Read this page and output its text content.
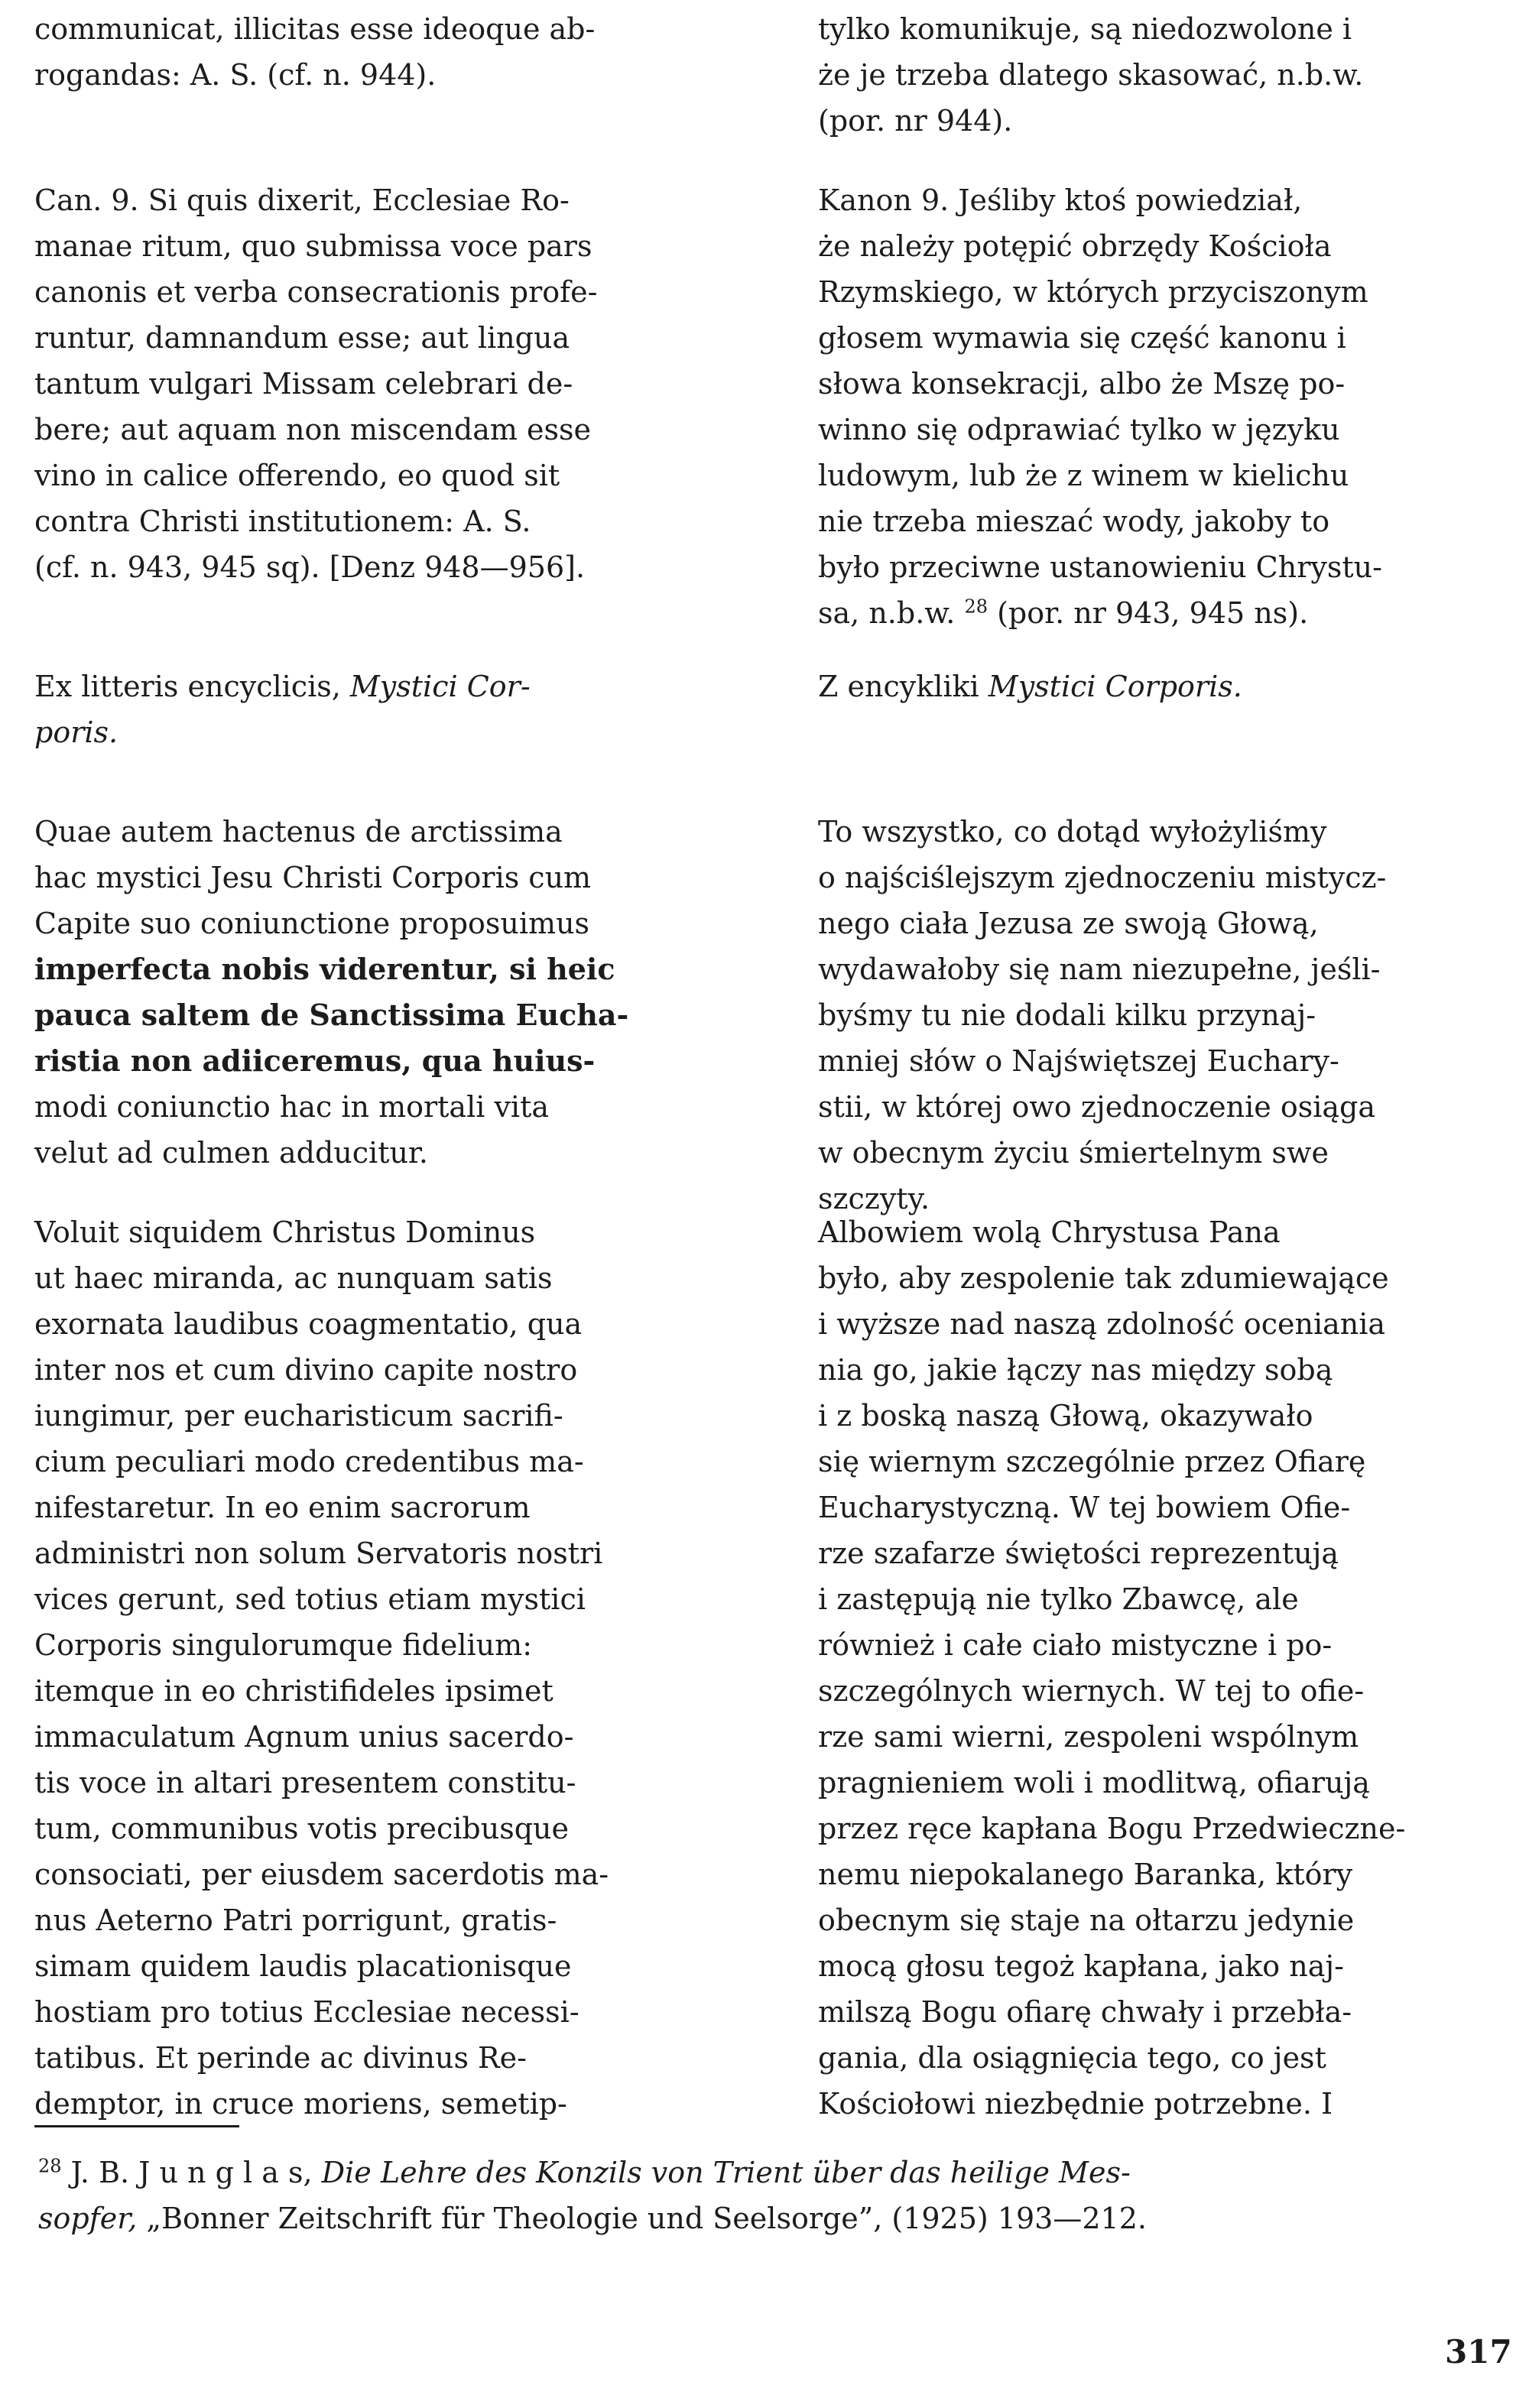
communicat, illicitas esse ideoque ab-
rogandas: A. S. (cf. n. 944).
Can. 9. Si quis dixerit, Ecclesiae Ro-
manae ritum, quo submissa voce pars
canonis et verba consecrationis profe-
runtur, damnandum esse; aut lingua
tantum vulgari Missam celebrari de-
bere; aut aquam non miscendam esse
vino in calice offerendo, eo quod sit
contra Christi institutionem: A. S.
(cf. n. 943, 945 sq). [Denz 948—956].
Ex litteris encyclicis, Mystici Cor-
poris.
Quae autem hactenus de arctissima
hac mystici Jesu Christi Corporis cum
Capite suo coniunctione proposuimus
imperfecta nobis viderentur, si heic
pauca saltem de Sanctissima Eucha-
ristia non adiiceremus, qua huius-
modi coniunctio hac in mortali vita
velut ad culmen adducitur.
Voluit siquidem Christus Dominus
ut haec miranda, ac nunquam satis
exornata laudibus coagmentatio, qua
inter nos et cum divino capite nostro
iungimur, per eucharisticum sacrifi-
cium peculiari modo credentibus ma-
nifestaretur. In eo enim sacrorum
administri non solum Servatoris nostri
vices gerunt, sed totius etiam mystici
Corporis singulorumque fidelium:
itemque in eo christifideles ipsimet
immaculatum Agnum unius sacerdo-
tis voce in altari presentem constitu-
tum, communibus votis precibusque
consociati, per eiusdem sacerdotis ma-
nus Aeterno Patri porrigunt, gratis-
simam quidem laudis placationisque
hostiam pro totius Ecclesiae necessi-
tatibus. Et perinde ac divinus Re-
demptor, in cruce moriens, semetip-
tylko komunikuje, są niedozwolone i
że je trzeba dlatego skasować, n.b.w.
(por. nr 944).
Kanon 9. Jeśliby ktoś powiedział,
że należy potępić obrzędy Kościoła
Rzymskiego, w których przyciszonym
głosem wymawia się część kanonu i
słowa konsekracji, albo że Mszę po-
winno się odprawiać tylko w języku
ludowym, lub że z winem w kielichu
nie trzeba mieszać wody, jakoby to
było przeciwne ustanowieniu Chrystu-
sa, n.b.w. $^{28}$ (por. nr 943, 945 ns).
Z encykliki Mystici Corporis.
To wszystko, co dotąd wyłożyliśmy
o najściślejszym zjednoczeniu mistycz-
nego ciała Jezusa ze swoją Głową,
wydawałoby się nam niezupełne, jeśli-
byśmy tu nie dodali kilku przynaj-
mniej słów o Najświętszej Euchary-
stii, w której owo zjednoczenie osiąga
w obecnym życiu śmiertelnym swe
szczyty.
Albowiem wolą Chrystusa Pana
było, aby zespolenie tak zdumiewające
i wyższe nad naszą zdolność oceniania
nia go, jakie łączy nas między sobą
i z boską naszą Głową, okazywało
się wiernym szczególnie przez Ofiarę
Eucharystyczną. W tej bowiem Ofie-
rze szafarze świętości reprezentują
i zastępują nie tylko Zbawcę, ale
również i całe ciało mistyczne i po-
szczególnych wiernych. W tej to ofie-
rze sami wierni, zespoleni wspólnym
pragnieniem woli i modlitwą, ofiarują
przez ręce kapłana Bogu Przedwieczne-
nemu niepokalanego Baranka, który
obecnym się staje na ołtarzu jedynie
mocą głosu tegoż kapłana, jako naj-
milszą Bogu ofiarę chwały i przebła-
gania, dla osiągnięcia tego, co jest
Kościołowi niezbędnie potrzebne. I
$^{28}$ J. B. J u n g l a s, Die Lehre des Konzils von Trient über das heilige Mes-
sopfer, „Bonner Zeitschrift für Theologie und Seelsorge”, (1925) 193—212.
317
